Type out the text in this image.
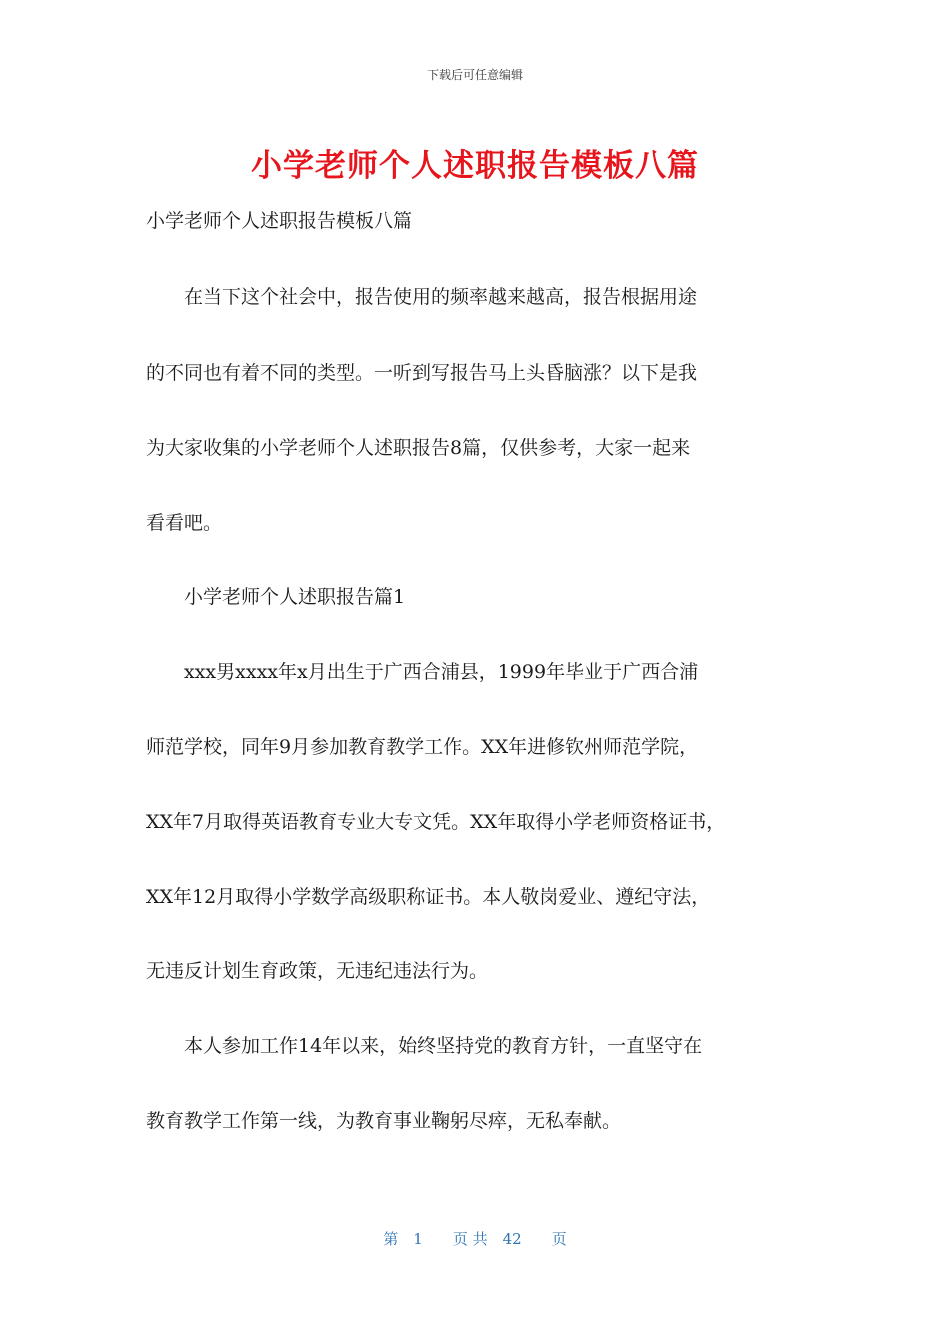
下载后可任意编辑
小学老师个人述职报告模板八篇
小学老师个人述职报告模板八篇
　　在当下这个社会中，报告使用的频率越来越高，报告根据用途
的不同也有着不同的类型。一听到写报告马上头昏脑涨？以下是我
为大家收集的小学老师个人述职报告8篇，仅供参考，大家一起来
看看吧。
　　小学老师个人述职报告篇1
　　xxx男xxxx年x月出生于广西合浦县，1999年毕业于广西合浦
师范学校，同年9月参加教育教学工作。XX年进修钦州师范学院，
XX年7月取得英语教育专业大专文凭。XX年取得小学老师资格证书，
XX年12月取得小学数学高级职称证书。本人敬岗爱业、遵纪守法，
无违反计划生育政策，无违纪违法行为。
　　本人参加工作14年以来，始终坚持党的教育方针，一直坚守在
教育教学工作第一线，为教育事业鞠躬尽瘁，无私奉献。
第　1　　页 共　42　　页
